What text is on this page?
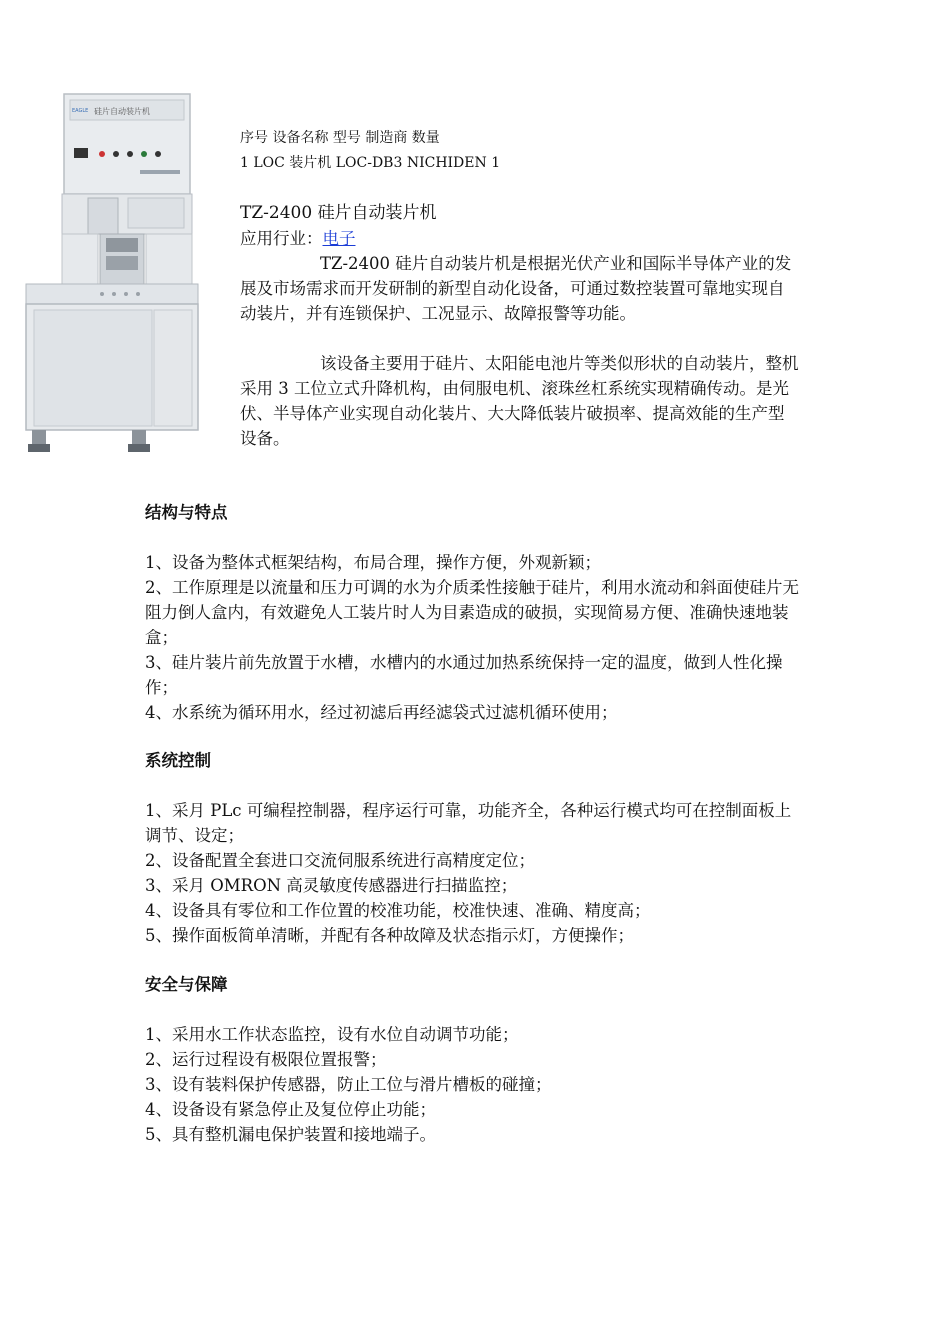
硅片自动装片机
EAGLE
序号 设备名称 型号 制造商 数量
1 LOC 装片机 LOC-DB3 NICHIDEN 1
TZ-2400 硅片自动装片机
应用行业：电子
TZ-2400 硅片自动装片机是根据光伏产业和国际半导体产业的发展及市场需求而开发研制的新型自动化设备，可通过数控装置可靠地实现自动装片，并有连锁保护、工况显示、故障报警等功能。
该设备主要用于硅片、太阳能电池片等类似形状的自动装片，整机采用 3 工位立式升降机构，由伺服电机、滚珠丝杠系统实现精确传动。是光伏、半导体产业实现自动化装片、大大降低装片破损率、提高效能的生产型设备。
结构与特点

1、设备为整体式框架结构，布局合理，操作方便，外观新颖；

2、工作原理是以流量和压力可调的水为介质柔性接触于硅片，利用水流动和斜面使硅片无阻力倒人盒内，有效避免人工装片时人为目素造成的破损，实现简易方便、准确快速地装盒；

3、硅片装片前先放置于水槽，水槽内的水通过加热系统保持一定的温度，做到人性化操作；

4、水系统为循环用水，经过初滤后再经滤袋式过滤机循环使用；

系统控制

1、采月 PLc 可编程控制器，程序运行可靠，功能齐全，各种运行模式均可在控制面板上调节、设定；

2、设备配置全套进口交流伺服系统进行高精度定位；

3、采月 OMRON 高灵敏度传感器进行扫描监控；

4、设备具有零位和工作位置的校准功能，校准快速、准确、精度高；

5、操作面板简单清晰，并配有各种故障及状态指示灯，方便操作；

安全与保障

1、采用水工作状态监控，设有水位自动调节功能；

2、运行过程设有极限位置报警；

3、设有装料保护传感器，防止工位与滑片槽板的碰撞；

4、设备设有紧急停止及复位停止功能；

5、具有整机漏电保护装置和接地端子。
